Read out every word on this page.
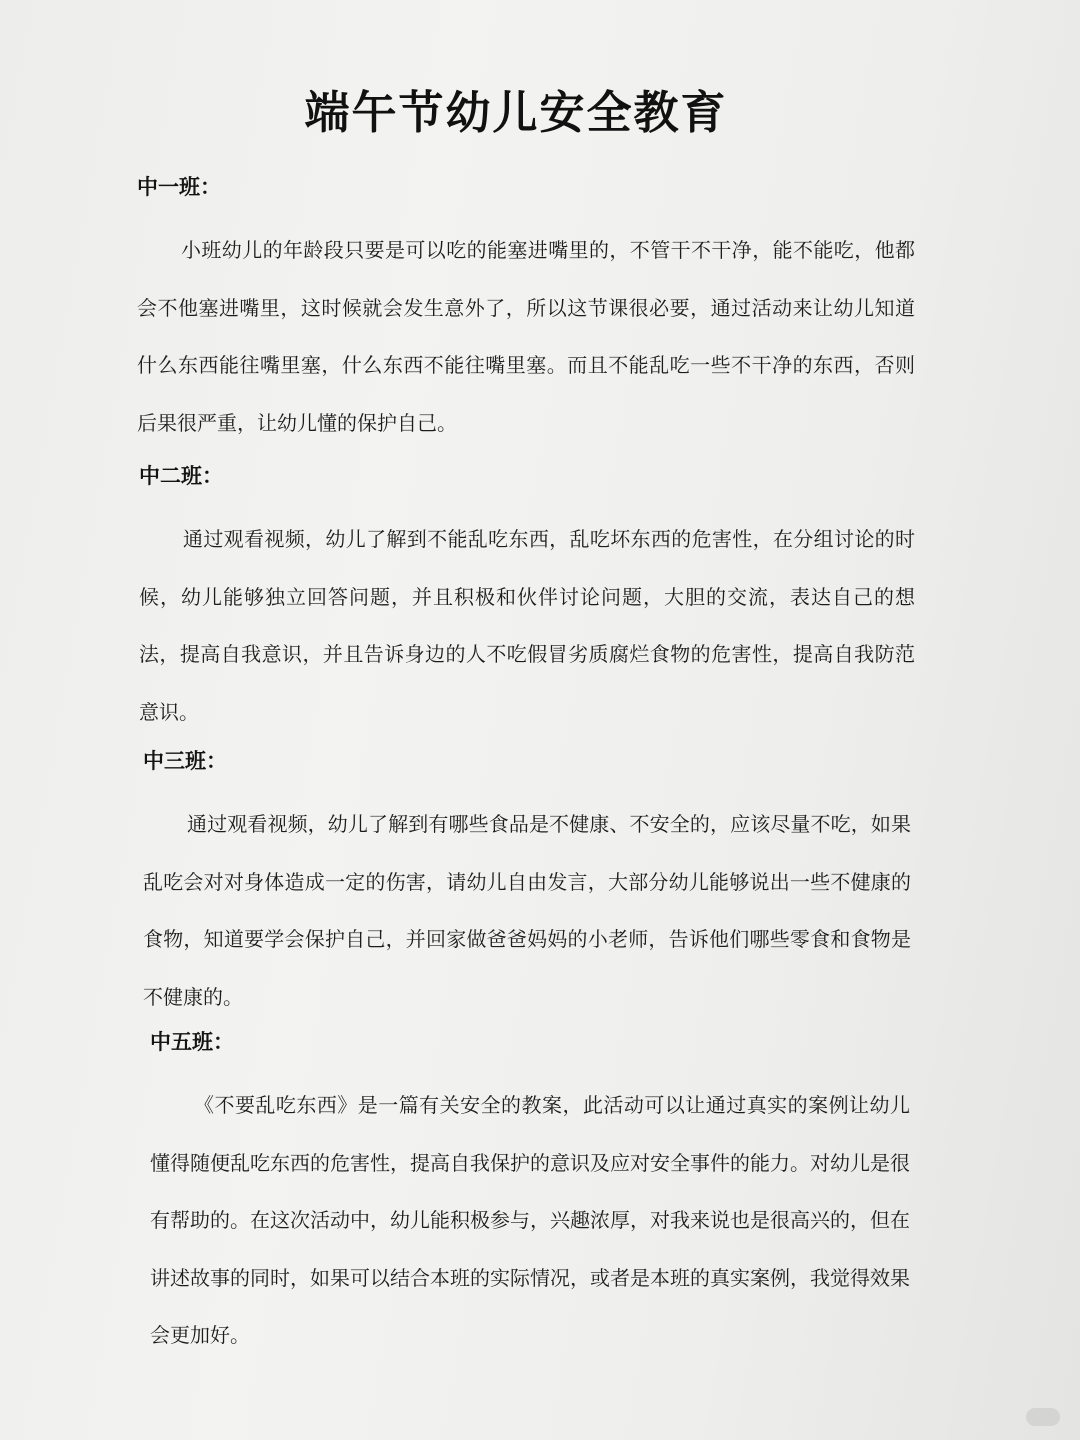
端午节幼儿安全教育
中一班：
小班幼儿的年龄段只要是可以吃的能塞进嘴里的，不管干不干净，能不能吃，他都会不他塞进嘴里，这时候就会发生意外了，所以这节课很必要，通过活动来让幼儿知道什么东西能往嘴里塞，什么东西不能往嘴里塞。而且不能乱吃一些不干净的东西，否则后果很严重，让幼儿懂的保护自己。
中二班：
通过观看视频，幼儿了解到不能乱吃东西，乱吃坏东西的危害性，在分组讨论的时候，幼儿能够独立回答问题，并且积极和伙伴讨论问题，大胆的交流，表达自己的想法，提高自我意识，并且告诉身边的人不吃假冒劣质腐烂食物的危害性，提高自我防范意识。
中三班：
通过观看视频，幼儿了解到有哪些食品是不健康、不安全的，应该尽量不吃，如果乱吃会对对身体造成一定的伤害，请幼儿自由发言，大部分幼儿能够说出一些不健康的食物，知道要学会保护自己，并回家做爸爸妈妈的小老师，告诉他们哪些零食和食物是不健康的。
中五班：
《不要乱吃东西》是一篇有关安全的教案，此活动可以让通过真实的案例让幼儿懂得随便乱吃东西的危害性，提高自我保护的意识及应对安全事件的能力。对幼儿是很有帮助的。在这次活动中，幼儿能积极参与，兴趣浓厚，对我来说也是很高兴的，但在讲述故事的同时，如果可以结合本班的实际情况，或者是本班的真实案例，我觉得效果会更加好。
